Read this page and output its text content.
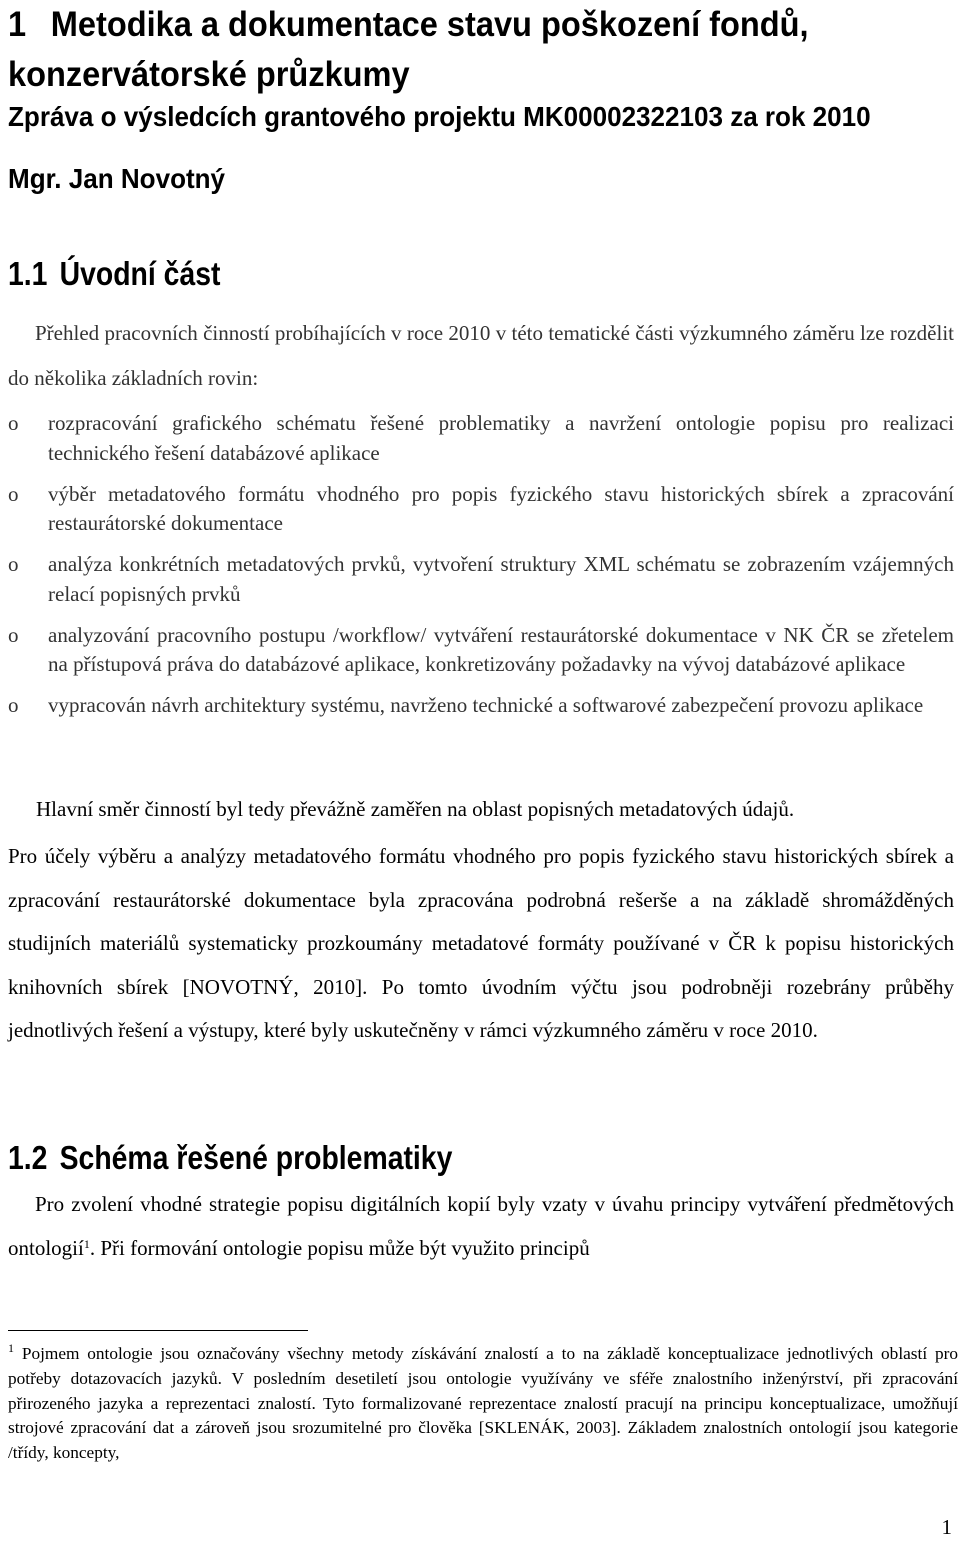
1 Metodika a dokumentace stavu poškození fondů, konzervátorské průzkumy
Zpráva o výsledcích grantového projektu MK00002322103 za rok 2010
Mgr. Jan Novotný
1.1 Úvodní část

Přehled pracovních činností probíhajících v roce 2010 v této tematické části výzkumného záměru lze rozdělit do několika základních rovin:

o rozpracování grafického schématu řešené problematiky a navržení ontologie popisu pro realizaci technického řešení databázové aplikace
o výběr metadatového formátu vhodného pro popis fyzického stavu historických sbírek a zpracování restaurátorské dokumentace
o analýza konkrétních metadatových prvků, vytvoření struktury XML schématu se zobrazením vzájemných relací popisných prvků
o analyzování pracovního postupu /workflow/ vytváření restaurátorské dokumentace v NK ČR se zřetelem na přístupová práva do databázové aplikace, konkretizovány požadavky na vývoj databázové aplikace
o vypracován návrh architektury systému, navrženo technické a softwarové zabezpečení provozu aplikace

Hlavní směr činností byl tedy převážně zaměřen na oblast popisných metadatových údajů.

Pro účely výběru a analýzy metadatového formátu vhodného pro popis fyzického stavu historických sbírek a zpracování restaurátorské dokumentace byla zpracována podrobná rešerše a na základě shromážděných studijních materiálů systematicky prozkoumány metadatové formáty používané v ČR k popisu historických knihovních sbírek [NOVOTNÝ, 2010]. Po tomto úvodním výčtu jsou podrobněji rozebrány průběhy jednotlivých řešení a výstupy, které byly uskutečněny v rámci výzkumného záměru v roce 2010.

1.2 Schéma řešené problematiky

Pro zvolení vhodné strategie popisu digitálních kopií byly vzaty v úvahu principy vytváření předmětových ontologií$^1$. Při formování ontologie popisu může být využito principů

$^1$ Pojmem ontologie jsou označovány všechny metody získávání znalostí a to na základě konceptualizace jednotlivých oblastí pro potřeby dotazovacích jazyků. V posledním desetiletí jsou ontologie využívány ve sféře znalostního inženýrství, při zpracování přirozeného jazyka a reprezentaci znalostí. Tyto formalizované reprezentace znalostí pracují na principu konceptualizace, umožňují strojové zpracování dat a zároveň jsou srozumitelné pro člověka [SKLENÁK, 2003]. Základem znalostních ontologií jsou kategorie /třídy, koncepty,

1
